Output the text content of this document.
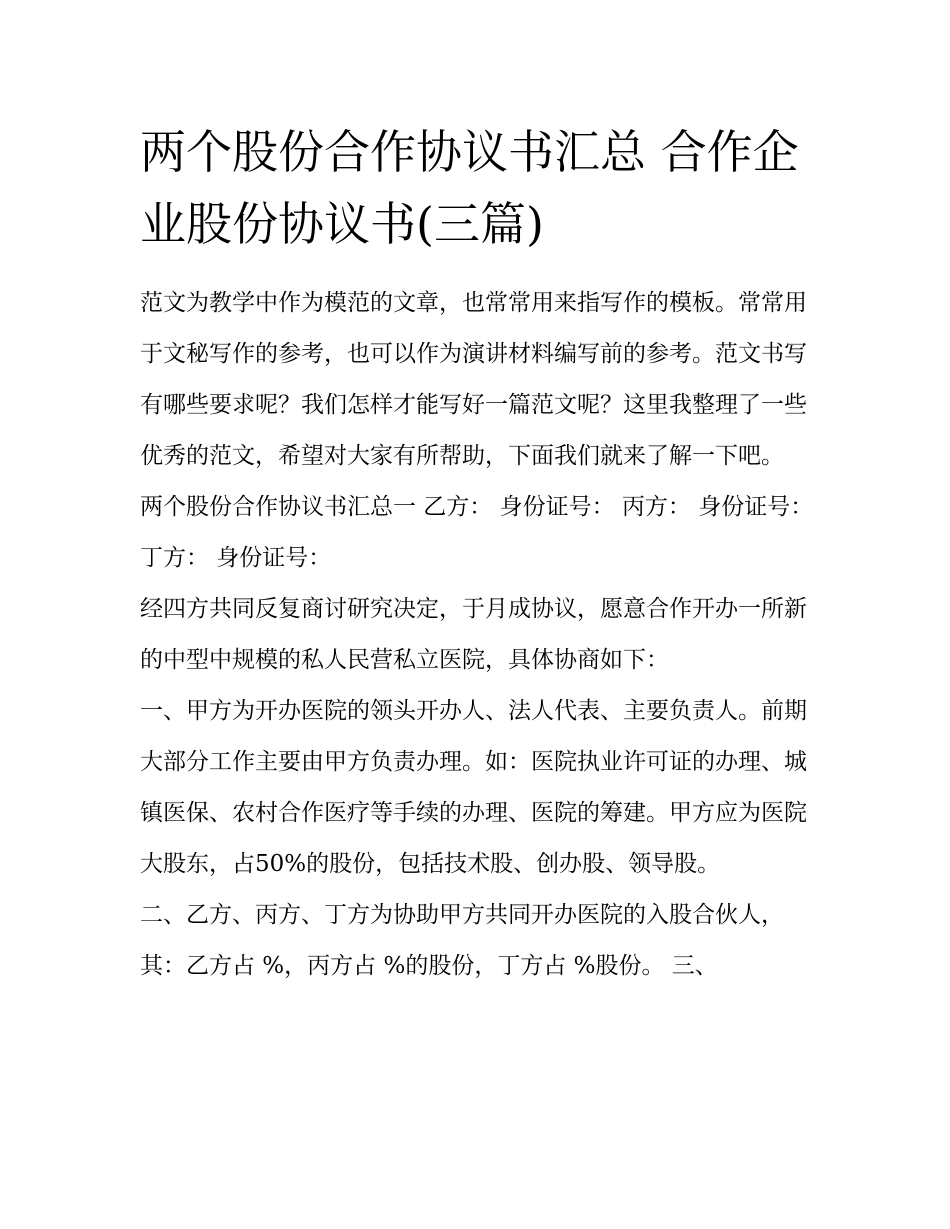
两个股份合作协议书汇总 合作企业股份协议书(三篇)

范文为教学中作为模范的文章，也常常用来指写作的模板。常常用于文秘写作的参考，也可以作为演讲材料编写前的参考。范文书写有哪些要求呢？我们怎样才能写好一篇范文呢？这里我整理了一些优秀的范文，希望对大家有所帮助，下面我们就来了解一下吧。

两个股份合作协议书汇总一 乙方： 身份证号： 丙方： 身份证号： 丁方： 身份证号：

经四方共同反复商讨研究决定，于月成协议，愿意合作开办一所新的中型中规模的私人民营私立医院，具体协商如下：

一、甲方为开办医院的领头开办人、法人代表、主要负责人。前期大部分工作主要由甲方负责办理。如：医院执业许可证的办理、城镇医保、农村合作医疗等手续的办理、医院的筹建。甲方应为医院大股东，占50%的股份，包括技术股、创办股、领导股。

二、乙方、丙方、丁方为协助甲方共同开办医院的入股合伙人，其：乙方占 %，丙方占 %的股份，丁方占 %股份。 三、
